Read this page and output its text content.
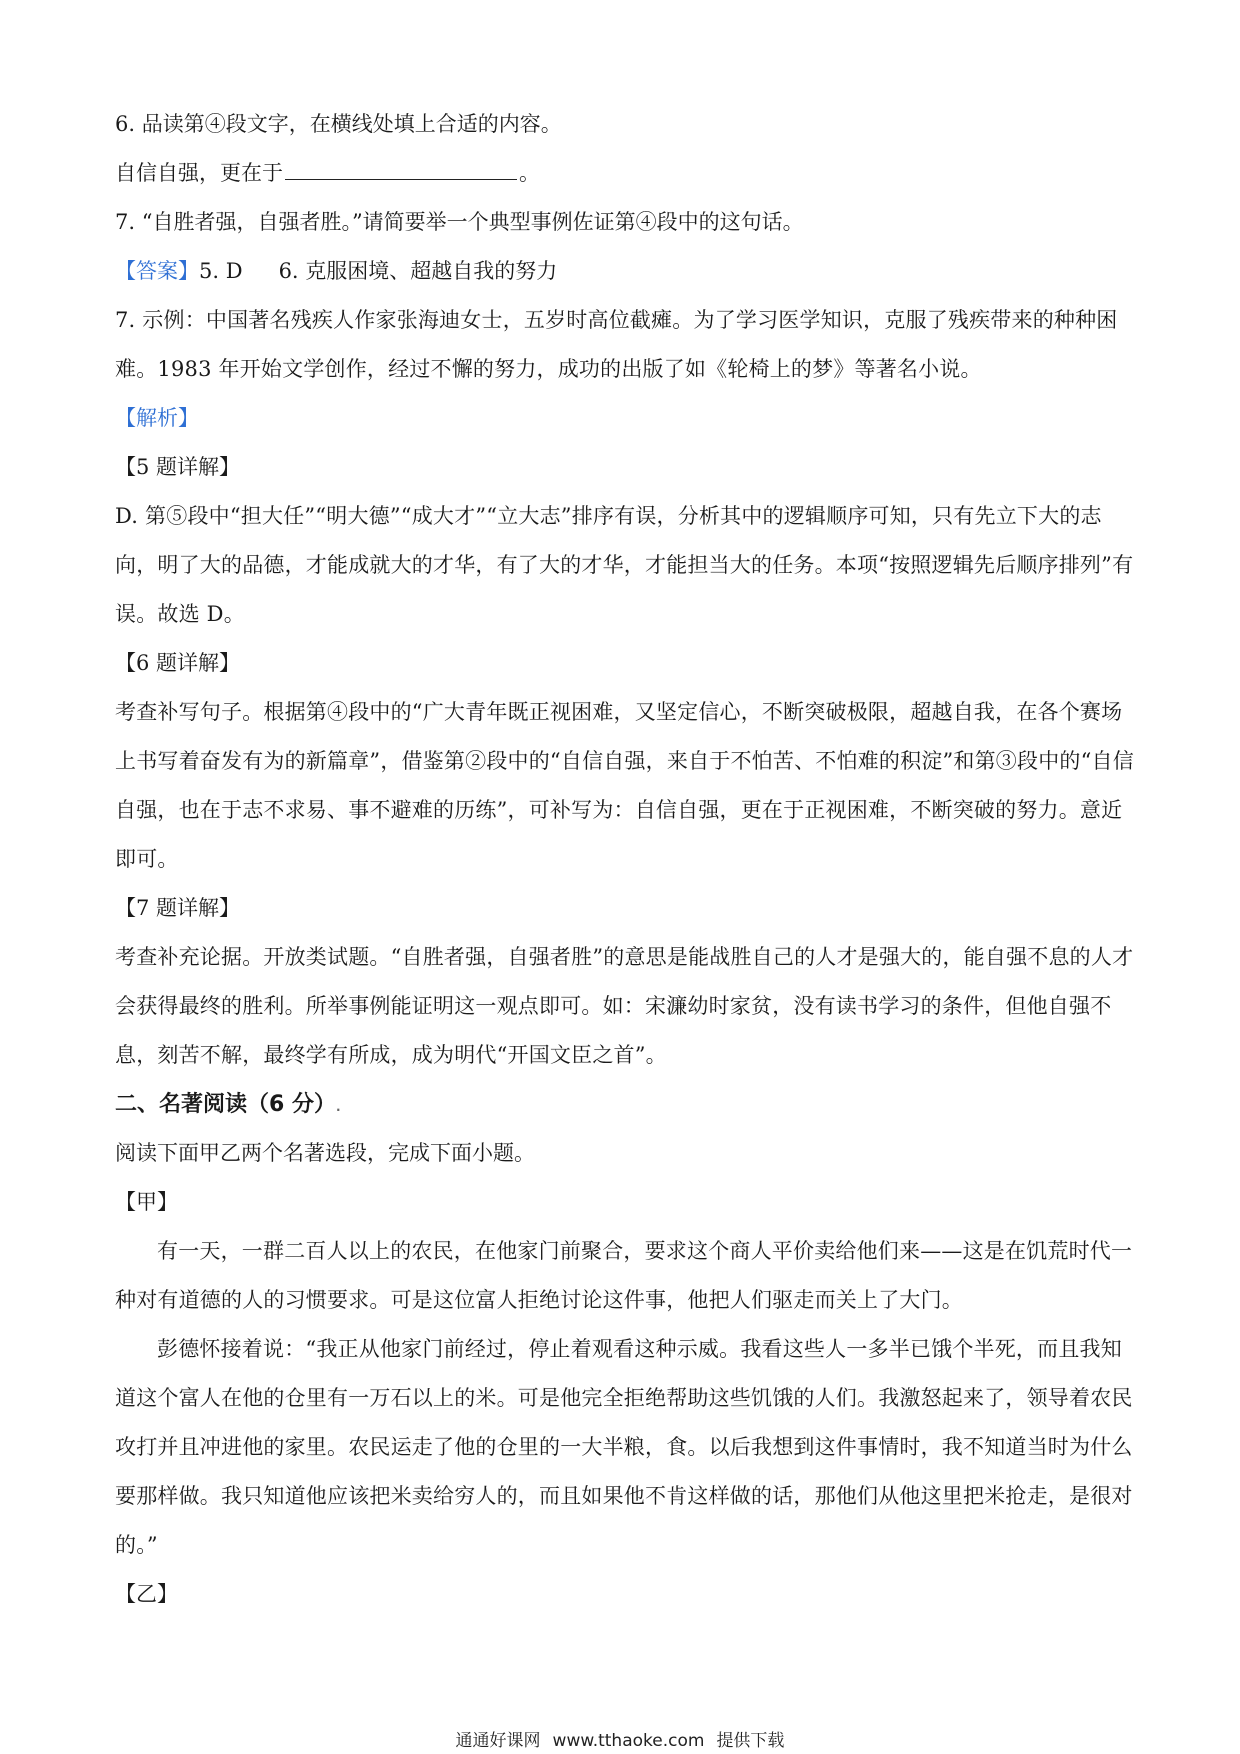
6. 品读第④段文字，在横线处填上合适的内容。
自信自强，更在于	。
7. “自胜者强，自强者胜。”请简要举一个典型事例佐证第④段中的这句话。
【答案】5. D 6. 克服困境、超越自我的努力
7. 示例：中国著名残疾人作家张海迪女士，五岁时高位截瘫。为了学习医学知识，克服了残疾带来的种种困难。1983 年开始文学创作，经过不懈的努力，成功的出版了如《轮椅上的梦》等著名小说。
【解析】
【5 题详解】
D. 第⑤段中“担大任”“明大德”“成大才”“立大志”排序有误，分析其中的逻辑顺序可知，只有先立下大的志向，明了大的品德，才能成就大的才华，有了大的才华，才能担当大的任务。本项“按照逻辑先后顺序排列”有误。故选 D。
【6 题详解】
考查补写句子。根据第④段中的“广大青年既正视困难，又坚定信心，不断突破极限，超越自我，在各个赛场上书写着奋发有为的新篇章”，借鉴第②段中的“自信自强，来自于不怕苦、不怕难的积淀”和第③段中的“自信自强，也在于志不求易、事不避难的历练”，可补写为：自信自强，更在于正视困难，不断突破的努力。意近即可。
【7 题详解】
考查补充论据。开放类试题。“自胜者强，自强者胜”的意思是能战胜自己的人才是强大的，能自强不息的人才会获得最终的胜利。所举事例能证明这一观点即可。如：宋濂幼时家贫，没有读书学习的条件，但他自强不息，刻苦不解，最终学有所成，成为明代“开国文臣之首”。
二、名著阅读（6 分）.
阅读下面甲乙两个名著选段，完成下面小题。
【甲】
有一天，一群二百人以上的农民，在他家门前聚合，要求这个商人平价卖给他们来——这是在饥荒时代一种对有道德的人的习惯要求。可是这位富人拒绝讨论这件事，他把人们驱走而关上了大门。
彭德怀接着说：“我正从他家门前经过，停止着观看这种示威。我看这些人一多半已饿个半死，而且我知道这个富人在他的仓里有一万石以上的米。可是他完全拒绝帮助这些饥饿的人们。我激怒起来了，领导着农民攻打并且冲进他的家里。农民运走了他的仓里的一大半粮，食。以后我想到这件事情时，我不知道当时为什么要那样做。我只知道他应该把米卖给穷人的，而且如果他不肯这样做的话，那他们从他这里把米抢走，是很对的。”
【乙】
通通好课网 www.tthaoke.com 提供下载
